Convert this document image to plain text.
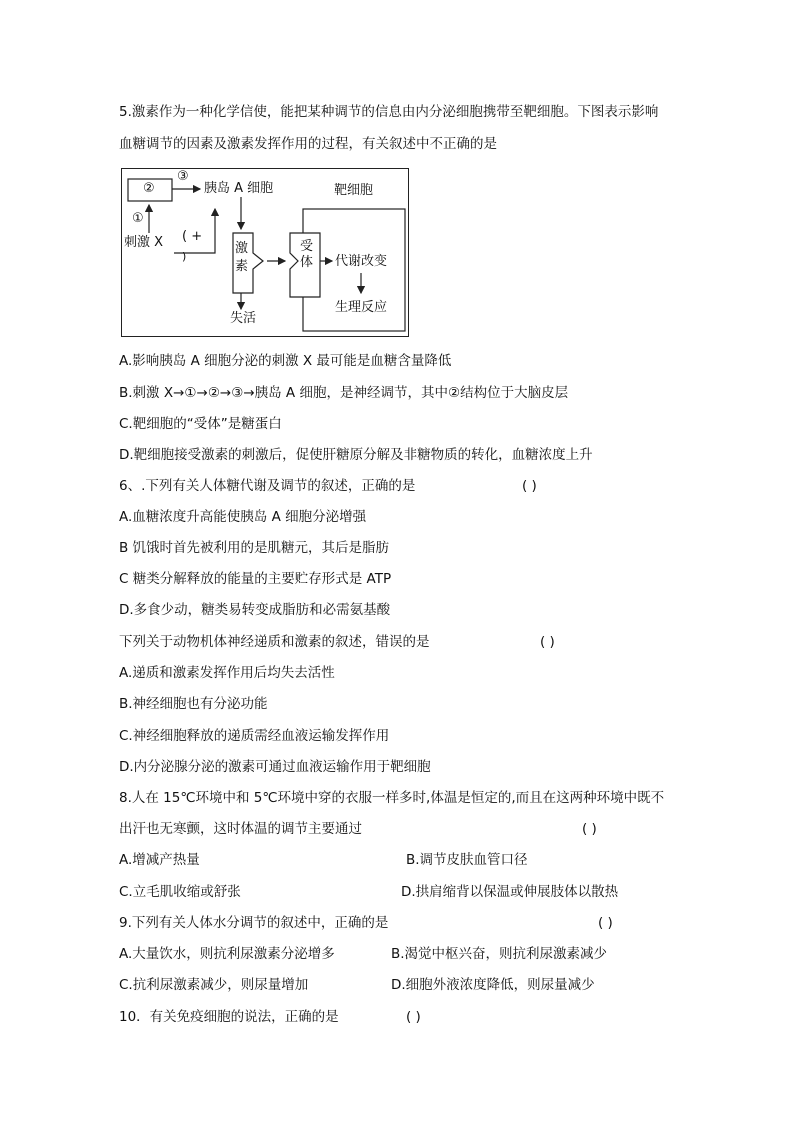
5.激素作为一种化学信使，能把某种调节的信息由内分泌细胞携带至靶细胞。下图表示影响
血糖调节的因素及激素发挥作用的过程，有关叙述中不正确的是
②
③
胰岛 A 细胞	靶细胞
①
刺激 X ( +
)
激
素
受
体 代谢改变
失活
生理反应
A.影响胰岛 A 细胞分泌的刺激 X 最可能是血糖含量降低
B.刺激 X→①→②→③→胰岛 A 细胞，是神经调节，其中②结构位于大脑皮层
C.靶细胞的“受体”是糖蛋白
D.靶细胞接受激素的刺激后，促使肝糖原分解及非糖物质的转化，血糖浓度上升
6、.下列有关人体糖代谢及调节的叙述，正确的是	( )
A.血糖浓度升高能使胰岛 A 细胞分泌增强
B 饥饿时首先被利用的是肌糖元，其后是脂肪
C 糖类分解释放的能量的主要贮存形式是 ATP
D.多食少动，糖类易转变成脂肪和必需氨基酸
下列关于动物机体神经递质和激素的叙述，错误的是	( )
A.递质和激素发挥作用后均失去活性
B.神经细胞也有分泌功能
C.神经细胞释放的递质需经血液运输发挥作用
D.内分泌腺分泌的激素可通过血液运输作用于靶细胞
8.人在 15℃环境中和 5℃环境中穿的衣服一样多时,体温是恒定的,而且在这两种环境中既不
出汗也无寒颤，这时体温的调节主要通过	( )
A.增减产热量	B.调节皮肤血管口径
C.立毛肌收缩或舒张	D.拱肩缩背以保温或伸展肢体以散热
9.下列有关人体水分调节的叙述中，正确的是	( )
A.大量饮水，则抗利尿激素分泌增多	B.渴觉中枢兴奋，则抗利尿激素减少
C.抗利尿激素减少，则尿量增加	D.细胞外液浓度降低，则尿量减少
10．有关免疫细胞的说法，正确的是	( )
